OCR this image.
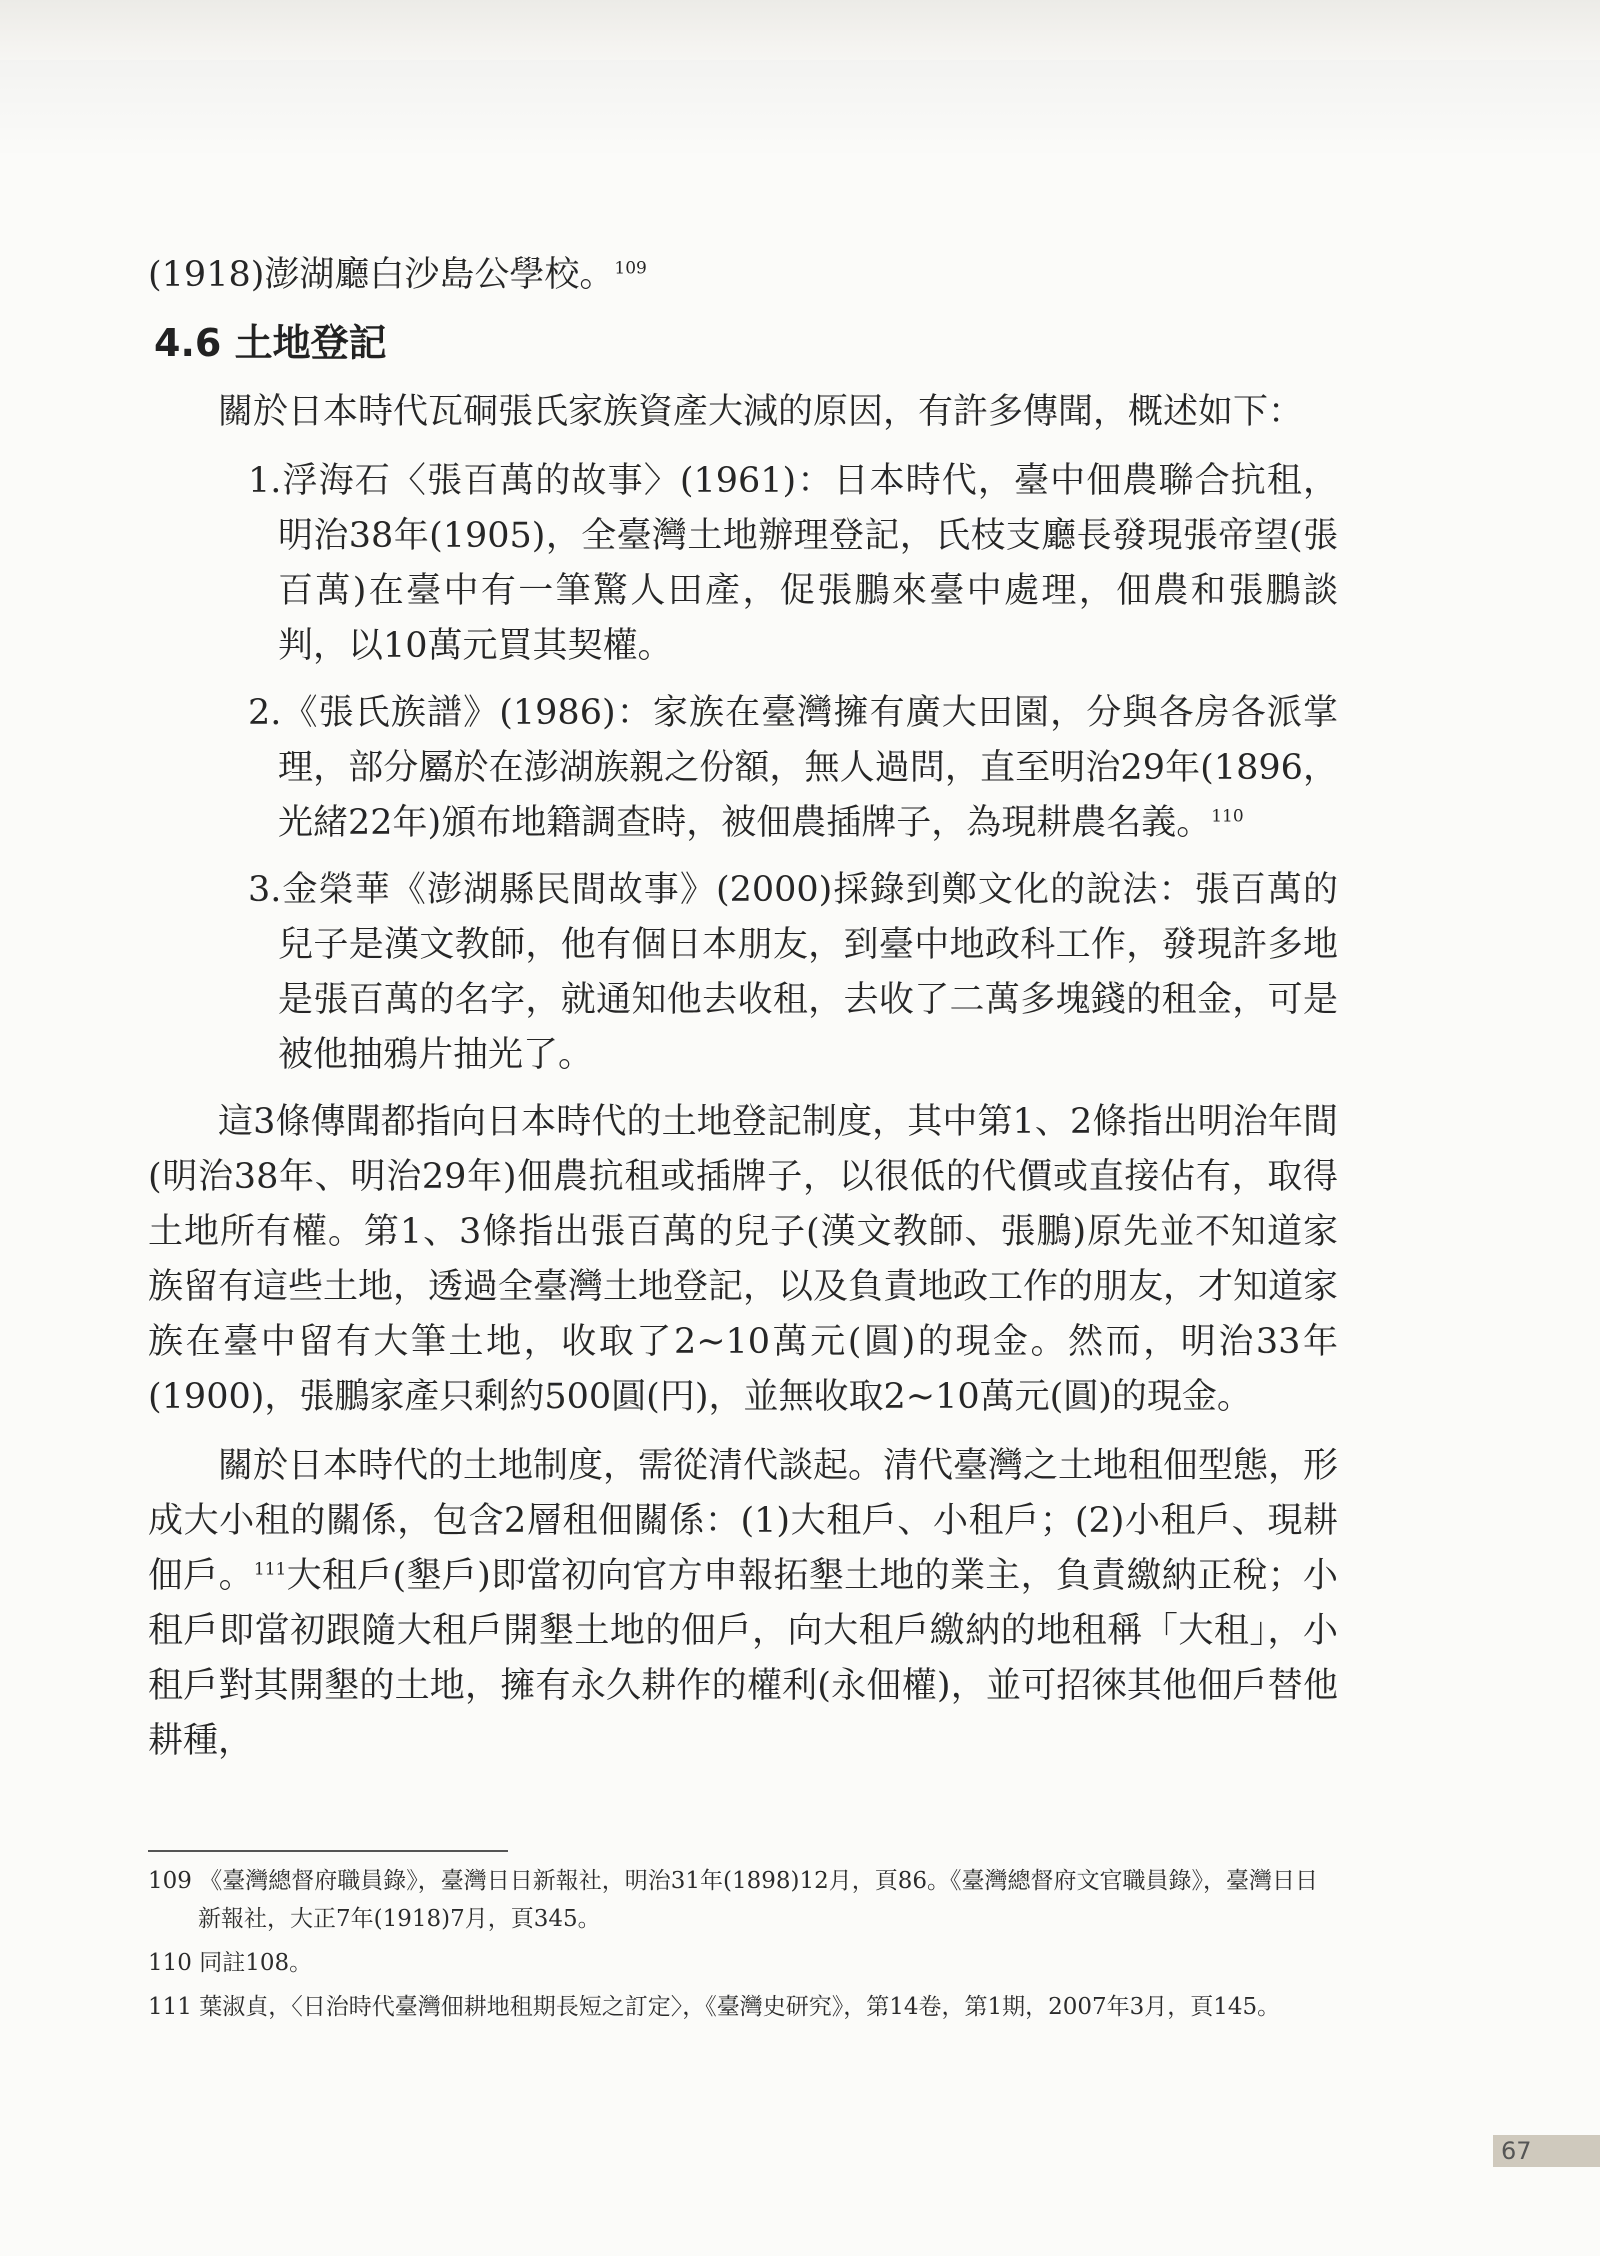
(1918)澎湖廳白沙島公學校。$^{109}$

4.6 土地登記

關於日本時代瓦硐張氏家族資產大減的原因，有許多傳聞，概述如下：

1.浮海石〈張百萬的故事〉(1961)：日本時代，臺中佃農聯合抗租，明治38年(1905)，全臺灣土地辦理登記，氏枝支廳長發現張帝望(張百萬)在臺中有一筆驚人田產，促張鵬來臺中處理，佃農和張鵬談判，以10萬元買其契權。
2.《張氏族譜》(1986)：家族在臺灣擁有廣大田園，分與各房各派掌理，部分屬於在澎湖族親之份額，無人過問，直至明治29年(1896，光緒22年)頒布地籍調查時，被佃農插牌子，為現耕農名義。$^{110}$
3.金榮華《澎湖縣民間故事》(2000)採錄到鄭文化的說法：張百萬的兒子是漢文教師，他有個日本朋友，到臺中地政科工作，發現許多地是張百萬的名字，就通知他去收租，去收了二萬多塊錢的租金，可是被他抽鴉片抽光了。

這3條傳聞都指向日本時代的土地登記制度，其中第1、2條指出明治年間(明治38年、明治29年)佃農抗租或插牌子，以很低的代價或直接佔有，取得土地所有權。第1、3條指出張百萬的兒子(漢文教師、張鵬)原先並不知道家族留有這些土地，透過全臺灣土地登記，以及負責地政工作的朋友，才知道家族在臺中留有大筆土地，收取了2~10萬元(圓)的現金。然而，明治33年(1900)，張鵬家產只剩約500圓(円)，並無收取2~10萬元(圓)的現金。

關於日本時代的土地制度，需從清代談起。清代臺灣之土地租佃型態，形成大小租的關係，包含2層租佃關係：(1)大租戶、小租戶；(2)小租戶、現耕佃戶。$^{111}$大租戶(墾戶)即當初向官方申報拓墾土地的業主，負責繳納正稅；小租戶即當初跟隨大租戶開墾土地的佃戶，向大租戶繳納的地租稱「大租」，小租戶對其開墾的土地，擁有永久耕作的權利(永佃權)，並可招徠其他佃戶替他耕種，

109 《臺灣總督府職員錄》，臺灣日日新報社，明治31年(1898)12月，頁86。《臺灣總督府文官職員錄》，臺灣日日新報社，大正7年(1918)7月，頁345。

110 同註108。

111 葉淑貞，〈日治時代臺灣佃耕地租期長短之訂定〉，《臺灣史研究》，第14卷，第1期，2007年3月，頁145。

67
